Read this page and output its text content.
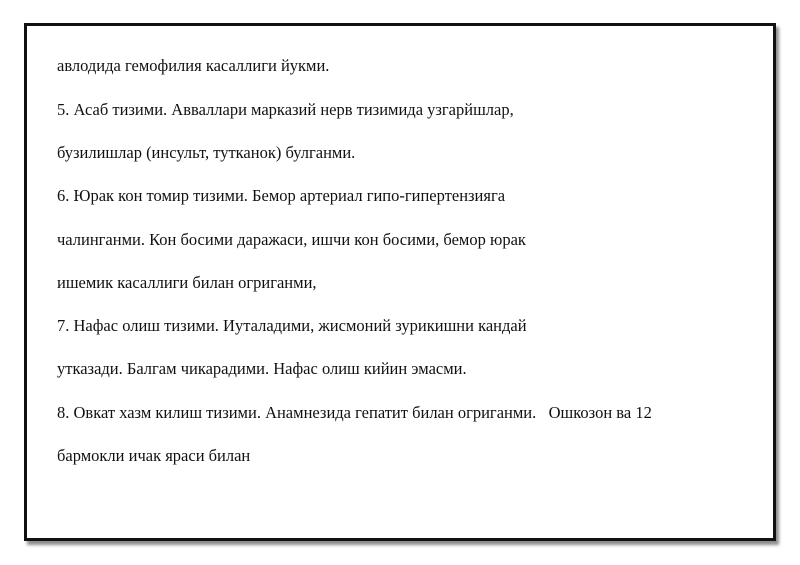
авлодида гемофилия касаллиги йукми.

5. Асаб тизими. Авваллари марказий нерв тизимида узгарйшлар,

бузилишлар (инсульт, тутканок) булганми.

6. Юрак кон томир тизими. Бемор артериал гипо-гипертензияга

чалинганми. Кон босими даражаси, ишчи кон босими, бемор юрак

ишемик касаллиги билан огриганми,

7. Нафас олиш тизими. Иуталадими, жисмоний зурикишни кандай

утказади. Балгам чикарадими. Нафас олиш кийин эмасми.

8. Овкат хазм килиш тизими. Анамнезида гепатит билан огриганми.   Ошкозон ва 12

бармокли ичак яраси билан
